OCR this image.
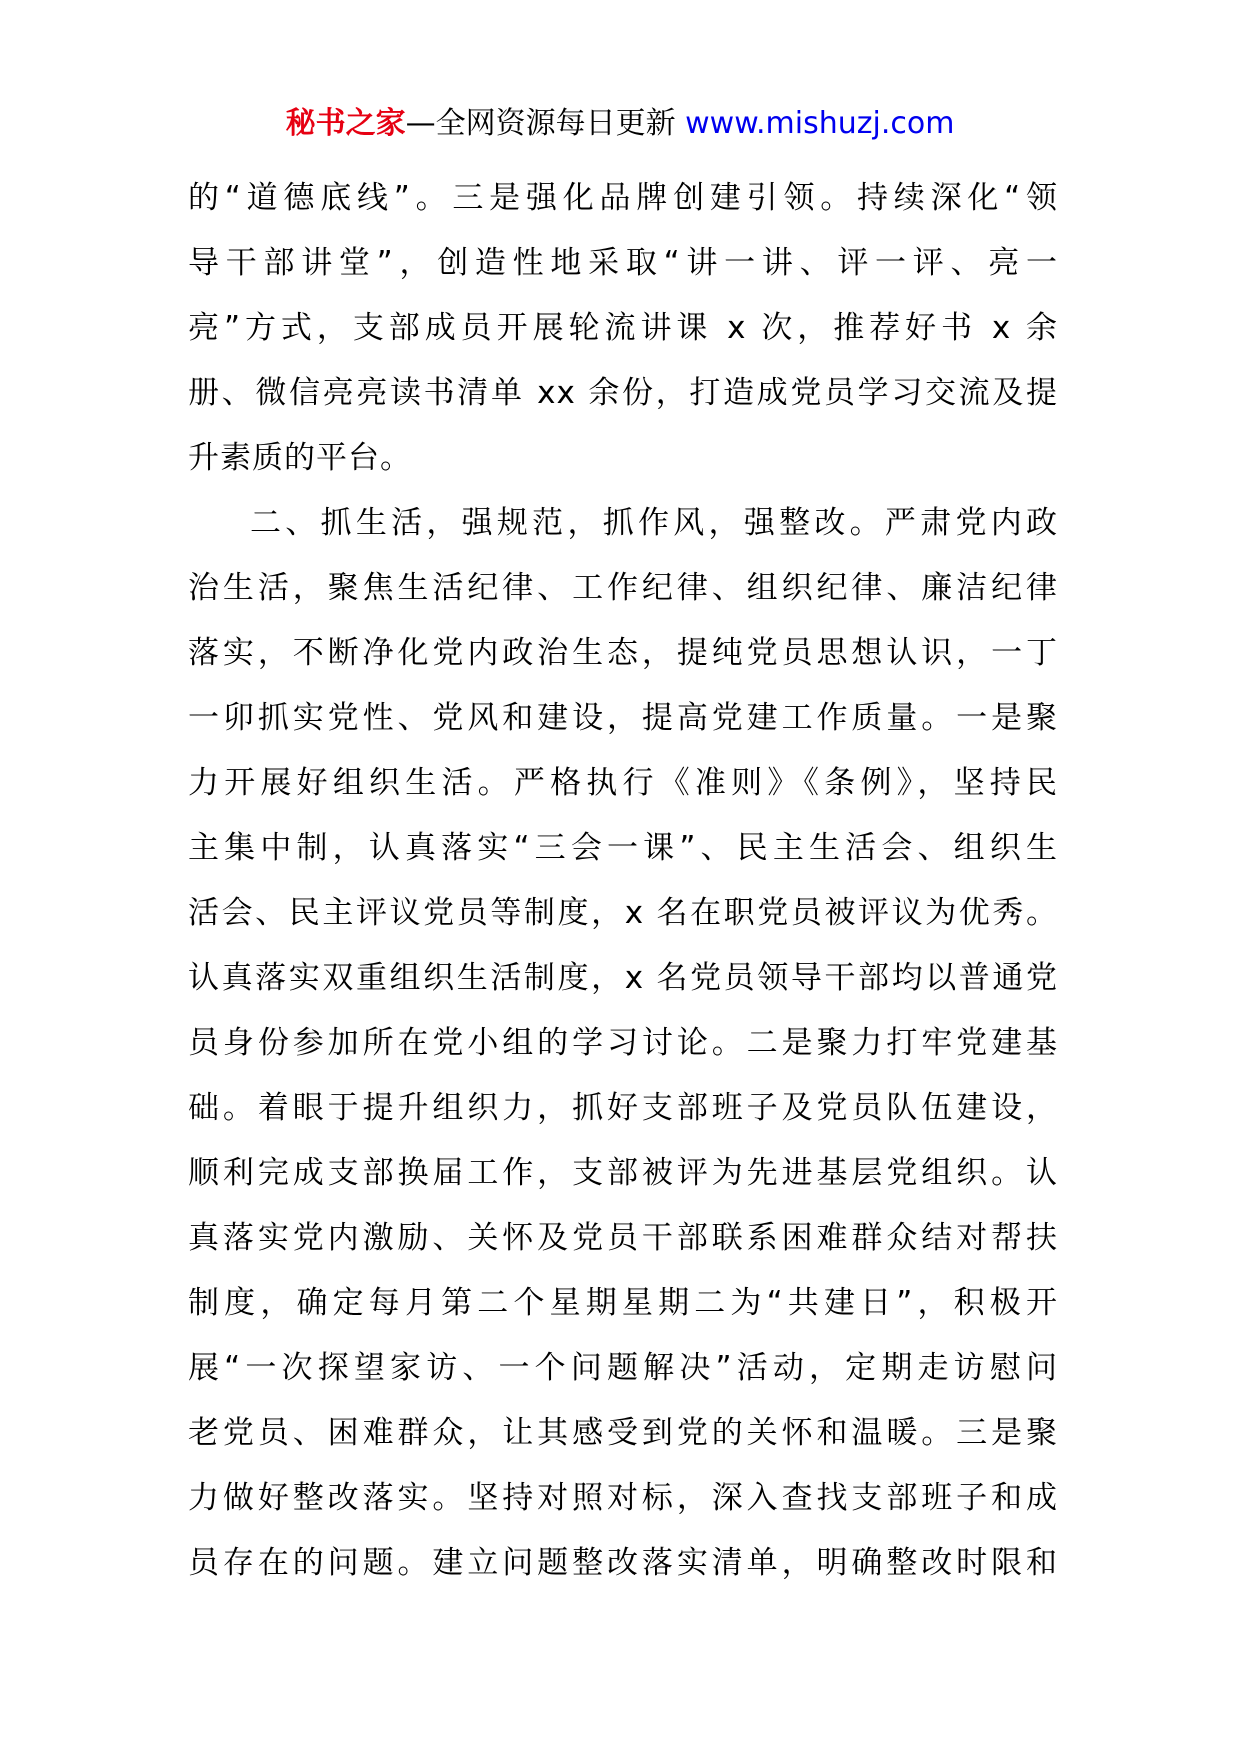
秘书之家—全网资源每日更新 www.mishuzj.com
的“道德底线”。三是强化品牌创建引领。持续深化“领
导干部讲堂”，创造性地采取“讲一讲、评一评、亮一
亮”方式，支部成员开展轮流讲课 x 次，推荐好书 x 余
册、微信亮亮读书清单 xx 余份，打造成党员学习交流及提
升素质的平台。
二、抓生活，强规范，抓作风，强整改。严肃党内政
治生活，聚焦生活纪律、工作纪律、组织纪律、廉洁纪律
落实，不断净化党内政治生态，提纯党员思想认识，一丁
一卯抓实党性、党风和建设，提高党建工作质量。一是聚
力开展好组织生活。严格执行《准则》《条例》，坚持民
主集中制，认真落实“三会一课”、民主生活会、组织生
活会、民主评议党员等制度，x 名在职党员被评议为优秀。
认真落实双重组织生活制度，x 名党员领导干部均以普通党
员身份参加所在党小组的学习讨论。二是聚力打牢党建基
础。着眼于提升组织力，抓好支部班子及党员队伍建设，
顺利完成支部换届工作，支部被评为先进基层党组织。认
真落实党内激励、关怀及党员干部联系困难群众结对帮扶
制度，确定每月第二个星期星期二为“共建日”，积极开
展“一次探望家访、一个问题解决”活动，定期走访慰问
老党员、困难群众，让其感受到党的关怀和温暖。三是聚
力做好整改落实。坚持对照对标，深入查找支部班子和成
员存在的问题。建立问题整改落实清单，明确整改时限和
